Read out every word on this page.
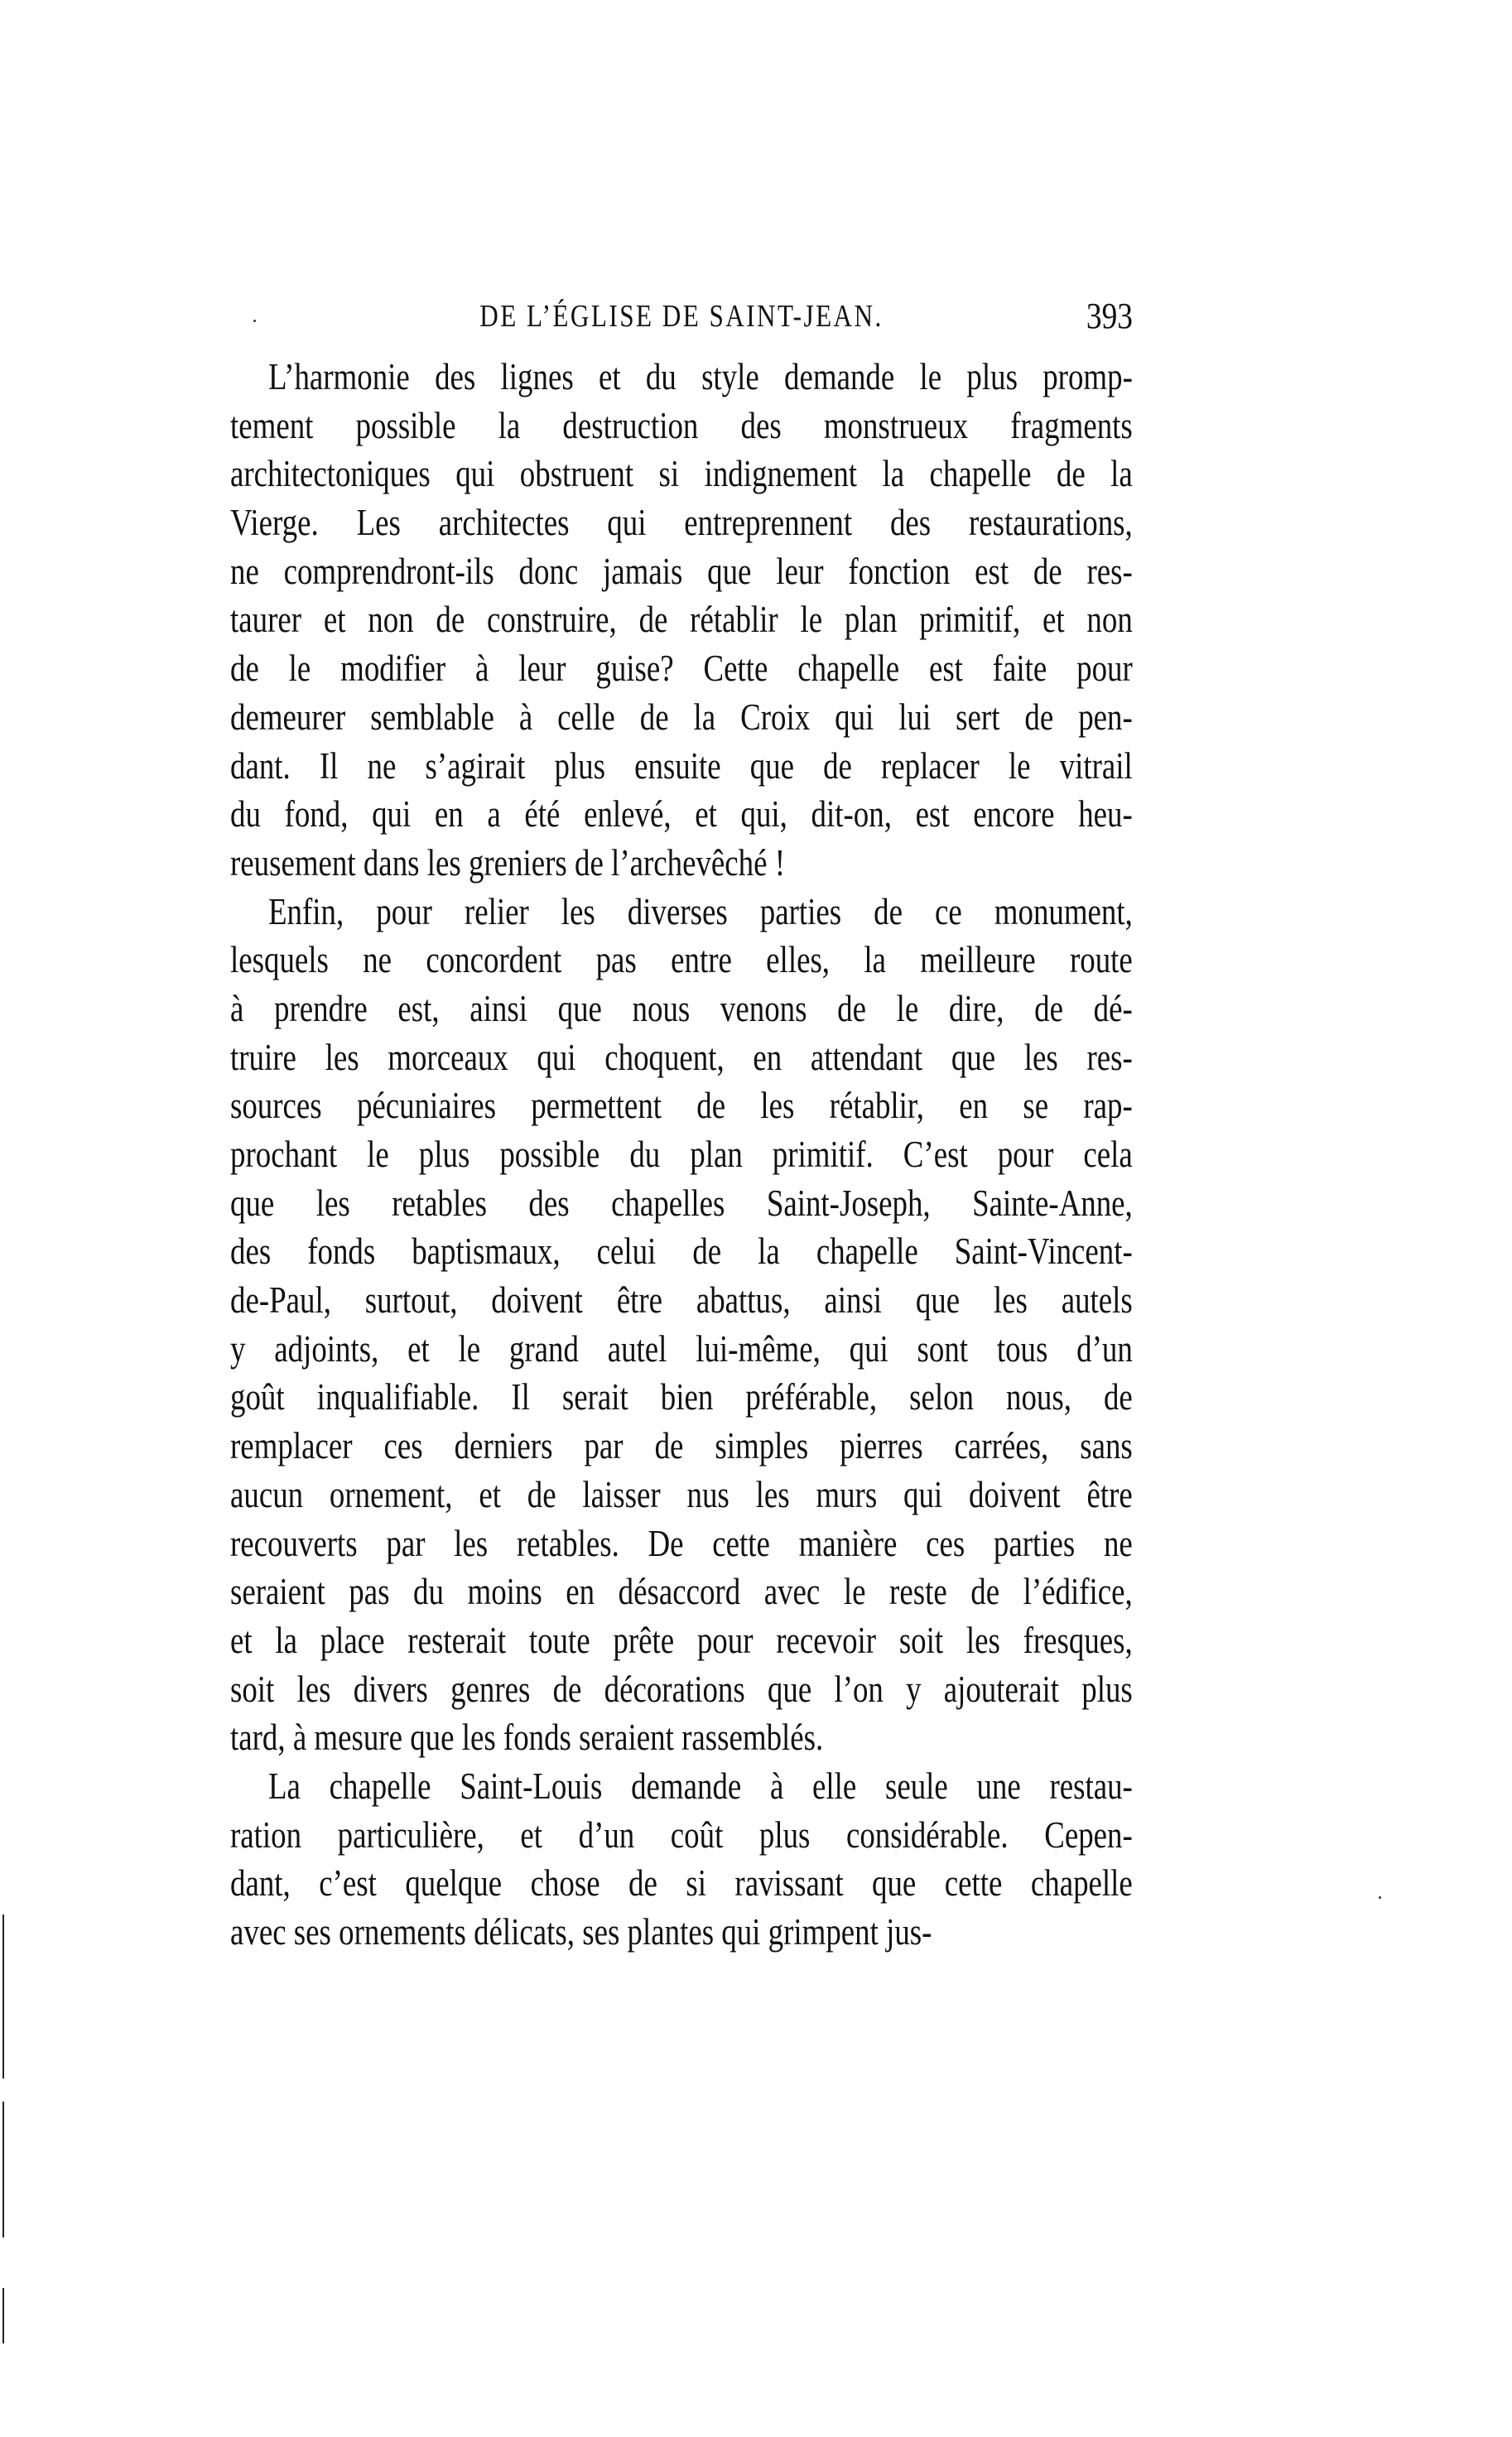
DE L’ÉGLISE DE SAINT-JEAN.	393
L’harmonie des lignes et du style demande le plus promp-
tement possible la destruction des monstrueux fragments
architectoniques qui obstruent si indignement la chapelle de la
Vierge. Les architectes qui entreprennent des restaurations,
ne comprendront-ils donc jamais que leur fonction est de res-
taurer et non de construire, de rétablir le plan primitif, et non
de le modifier à leur guise? Cette chapelle est faite pour
demeurer semblable à celle de la Croix qui lui sert de pen-
dant. Il ne s’agirait plus ensuite que de replacer le vitrail
du fond, qui en a été enlevé, et qui, dit-on, est encore heu-
reusement dans les greniers de l’archevêché !
Enfin, pour relier les diverses parties de ce monument,
lesquels ne concordent pas entre elles, la meilleure route
à prendre est, ainsi que nous venons de le dire, de dé-
truire les morceaux qui choquent, en attendant que les res-
sources pécuniaires permettent de les rétablir, en se rap-
prochant le plus possible du plan primitif. C’est pour cela
que les retables des chapelles Saint-Joseph, Sainte-Anne,
des fonds baptismaux, celui de la chapelle Saint-Vincent-
de-Paul, surtout, doivent être abattus, ainsi que les autels
y adjoints, et le grand autel lui-même, qui sont tous d’un
goût inqualifiable. Il serait bien préférable, selon nous, de
remplacer ces derniers par de simples pierres carrées, sans
aucun ornement, et de laisser nus les murs qui doivent être
recouverts par les retables. De cette manière ces parties ne
seraient pas du moins en désaccord avec le reste de l’édifice,
et la place resterait toute prête pour recevoir soit les fresques,
soit les divers genres de décorations que l’on y ajouterait plus
tard, à mesure que les fonds seraient rassemblés.
La chapelle Saint-Louis demande à elle seule une restau-
ration particulière, et d’un coût plus considérable. Cepen-
dant, c’est quelque chose de si ravissant que cette chapelle
avec ses ornements délicats, ses plantes qui grimpent jus-
